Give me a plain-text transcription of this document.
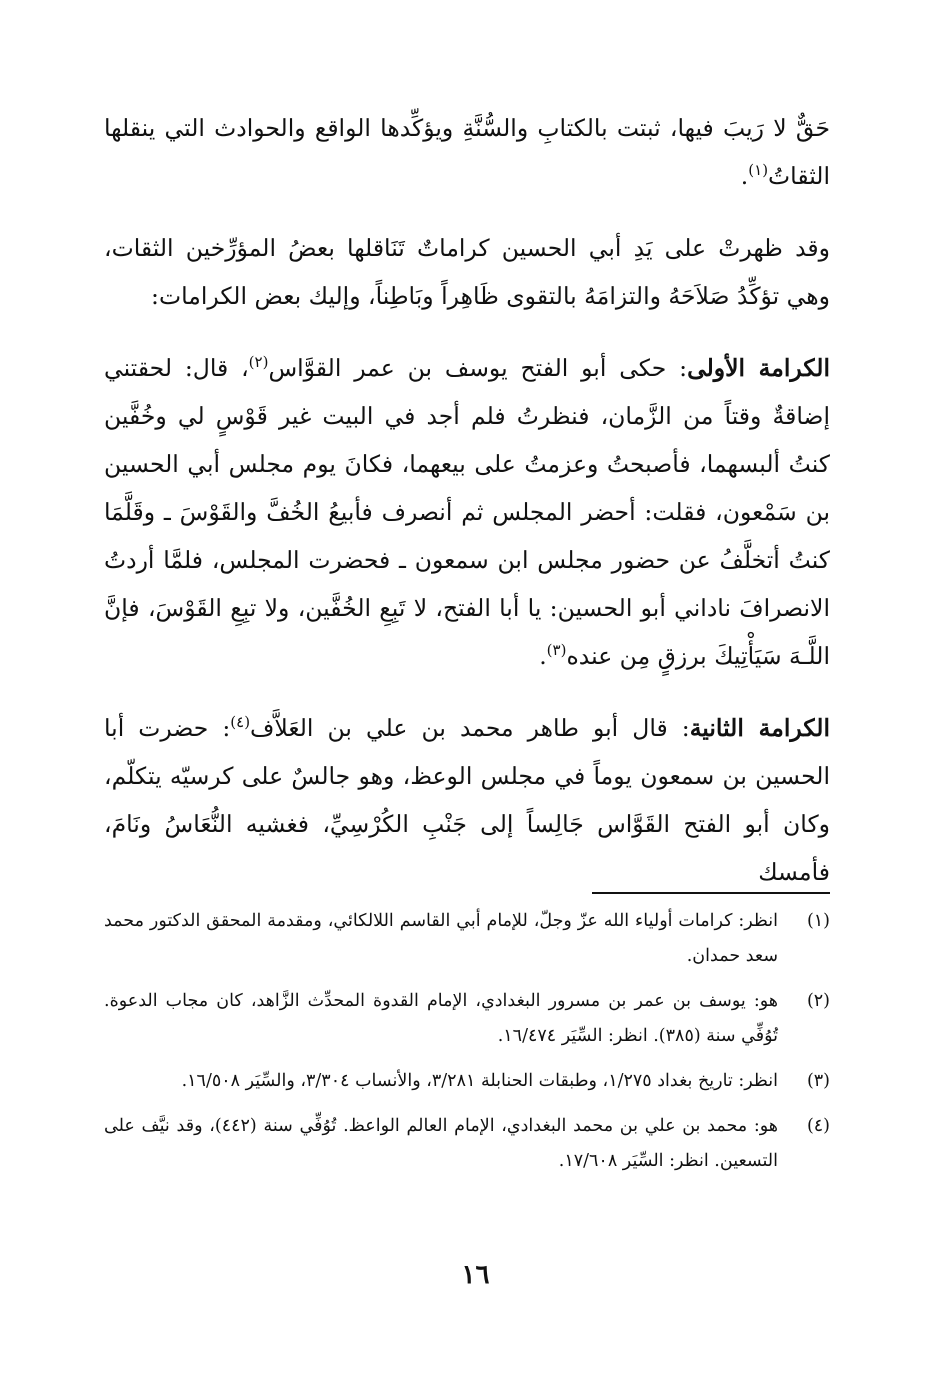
حَقٌّ لا رَيبَ فيها، ثبتت بالكتابِ والسُّنَّةِ ويؤكِّدها الواقع والحوادث التي ينقلها الثقاتُ$^{(١)}$.

وقد ظهرتْ على يَدِ أبي الحسين كراماتٌ تَنَاقلها بعضُ المؤرِّخين الثقات، وهي تؤكِّدُ صَلاَحَهُ والتزامَهُ بالتقوى ظَاهِراً وبَاطِناً، وإليك بعض الكرامات:

الكرامة الأولى: حكى أبو الفتح يوسف بن عمر القوَّاس$^{(٢)}$، قال: لحقتني إضاقةٌ وقتاً من الزَّمان، فنظرتُ فلم أجد في البيت غير قَوْسٍ لي وخُفَّين كنتُ ألبسهما، فأصبحتُ وعزمتُ على بيعهما، فكانَ يوم مجلس أبي الحسين بن سَمْعون، فقلت: أحضر المجلس ثم أنصرف فأبيعُ الخُفَّ والقَوْسَ ـ وقَلَّمَا كنتُ أتخلَّفُ عن حضور مجلس ابن سمعون ـ فحضرت المجلس، فلمَّا أردتُ الانصرافَ ناداني أبو الحسين: يا أبا الفتح، لا تَبِعِ الخُفَّين، ولا تبِعِ القَوْسَ، فإنَّ اللَّـهَ سَيَأْتِيكَ برزقٍ مِن عنده$^{(٣)}$.

الكرامة الثانية: قال أبو طاهر محمد بن علي بن العَلاَّف$^{(٤)}$: حضرت أبا الحسين بن سمعون يوماً في مجلس الوعظ، وهو جالسٌ على كرسيّه يتكلّم، وكان أبو الفتح القَوَّاس جَالِساً إلى جَنْبِ الكُرْسِيِّ، فغشيه النُّعَاسُ ونَامَ، فأمسك

(١)
انظر: كرامات أولياء الله عزّ وجلّ، للإمام أبي القاسم اللالكائي، ومقدمة المحقق الدكتور محمد سعد حمدان.

(٢)
هو: يوسف بن عمر بن مسرور البغدادي، الإمام القدوة المحدِّث الزَّاهد، كان مجاب الدعوة. تُوُفِّي سنة (٣٨٥). انظر: السِّيَر ١٦/٤٧٤.

(٣)
انظر: تاريخ بغداد ١/٢٧٥، وطبقات الحنابلة ٣/٢٨١، والأنساب ٣/٣٠٤، والسِّيَر ١٦/٥٠٨.

(٤)
هو: محمد بن علي بن محمد البغدادي، الإمام العالم الواعظ. تُوُفِّي سنة (٤٤٢)، وقد نيَّف على التسعين. انظر: السِّيَر ١٧/٦٠٨.

١٦
